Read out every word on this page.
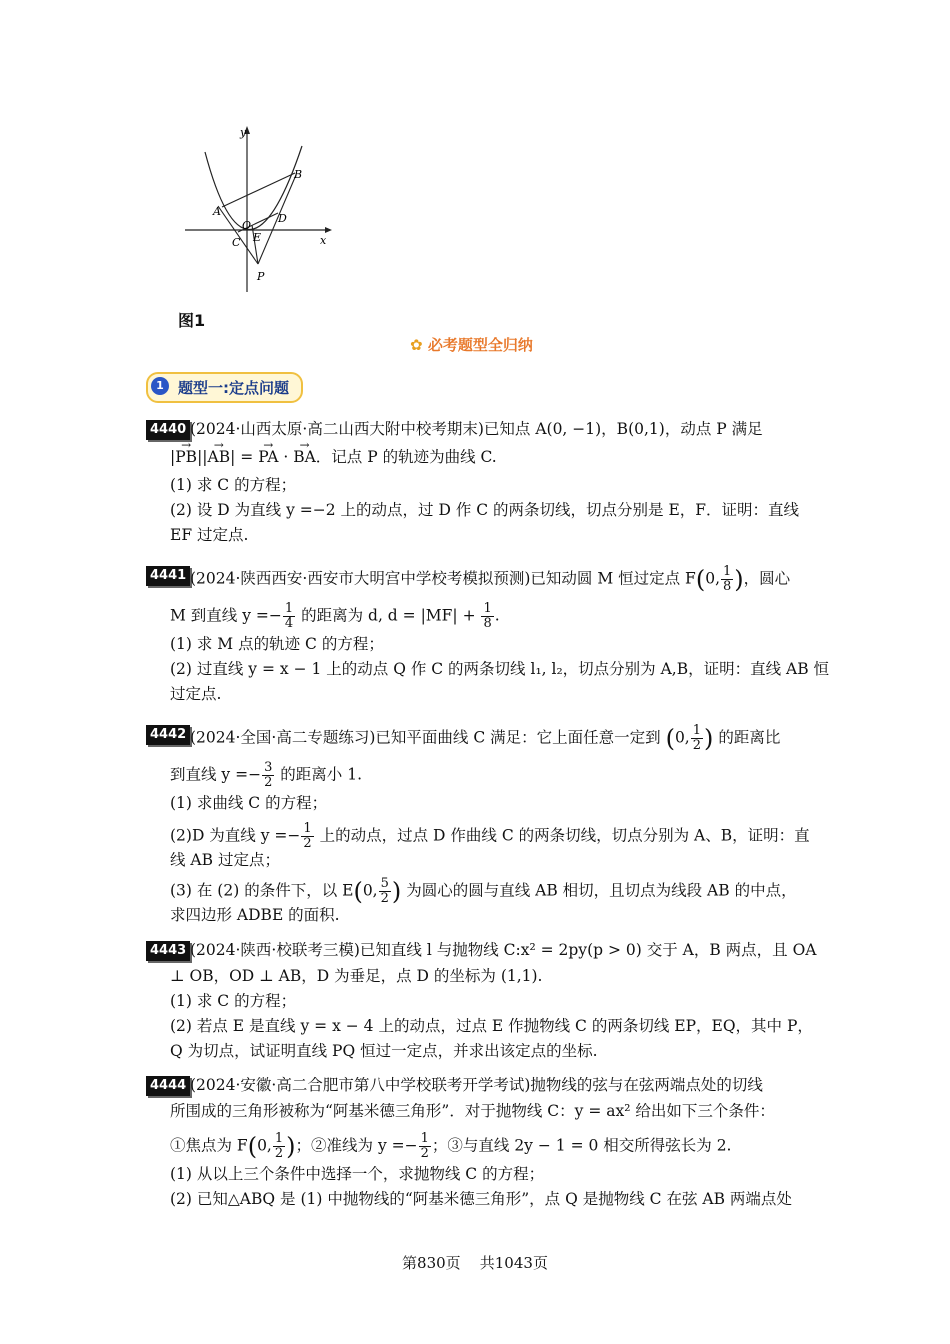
y
x
B
A
O
D
C E
P
图1
✿ 必考题型全归纳
1 题型一:定点问题
4440 (2024·山西太原·高二山西大附中校考期末)已知点 A(0, −1)，B(0,1)，动点 P 满足
|→ PB||→ AB| = → PA · → BA．记点 P 的轨迹为曲线 C.
(1) 求 C 的方程；
(2) 设 D 为直线 y =−2 上的动点，过 D 作 C 的两条切线，切点分别是 E，F．证明：直线
EF 过定点.
4441 (2024·陕西西安·西安市大明宫中学校考模拟预测)已知动圆 M 恒过定点 F(0, $\frac{1}{8}$ )，圆心
M 到直线 $y =- \frac{1}{4}$ 的距离为 d, $d = |MF| + \frac{1}{8}$ .
(1) 求 M 点的轨迹 C 的方程；
(2) 过直线 y = x − 1 上的动点 Q 作 C 的两条切线 l₁, l₂，切点分别为 A,B，证明：直线 AB 恒
过定点.
4442 (2024·全国·高二专题练习)已知平面曲线 C 满足：它上面任意一定到 (0, $\frac{1}{2}$ ) 的距离比
到直线 $y =- \frac{3}{2}$ 的距离小 1.
(1) 求曲线 C 的方程；
(2)D 为直线 $y =- \frac{1}{2}$ 上的动点，过点 D 作曲线 C 的两条切线，切点分别为 A、B，证明：直
线 AB 过定点；
(3) 在 (2) 的条件下，以 E(0, $\frac{5}{2}$ ) 为圆心的圆与直线 AB 相切，且切点为线段 AB 的中点，
求四边形 ADBE 的面积.
4443 (2024·陕西·校联考三模)已知直线 l 与抛物线 C:x² = 2py(p > 0) 交于 A，B 两点，且 OA
⊥ OB，OD ⊥ AB，D 为垂足，点 D 的坐标为 (1,1).
(1) 求 C 的方程；
(2) 若点 E 是直线 y = x − 4 上的动点，过点 E 作抛物线 C 的两条切线 EP，EQ，其中 P，
Q 为切点，试证明直线 PQ 恒过一定点，并求出该定点的坐标.
4444 (2024·安徽·高二合肥市第八中学校联考开学考试)抛物线的弦与在弦两端点处的切线
所围成的三角形被称为“阿基米德三角形”．对于抛物线 C：y = ax² 给出如下三个条件：
①焦点为 F(0, $\frac{1}{2}$ )；②准线为 $y =- \frac{1}{2}$ ；③与直线 2y − 1 = 0 相交所得弦长为 2.
(1) 从以上三个条件中选择一个，求抛物线 C 的方程；
(2) 已知△ABQ 是 (1) 中抛物线的“阿基米德三角形”，点 Q 是抛物线 C 在弦 AB 两端点处
第830页 共1043页
